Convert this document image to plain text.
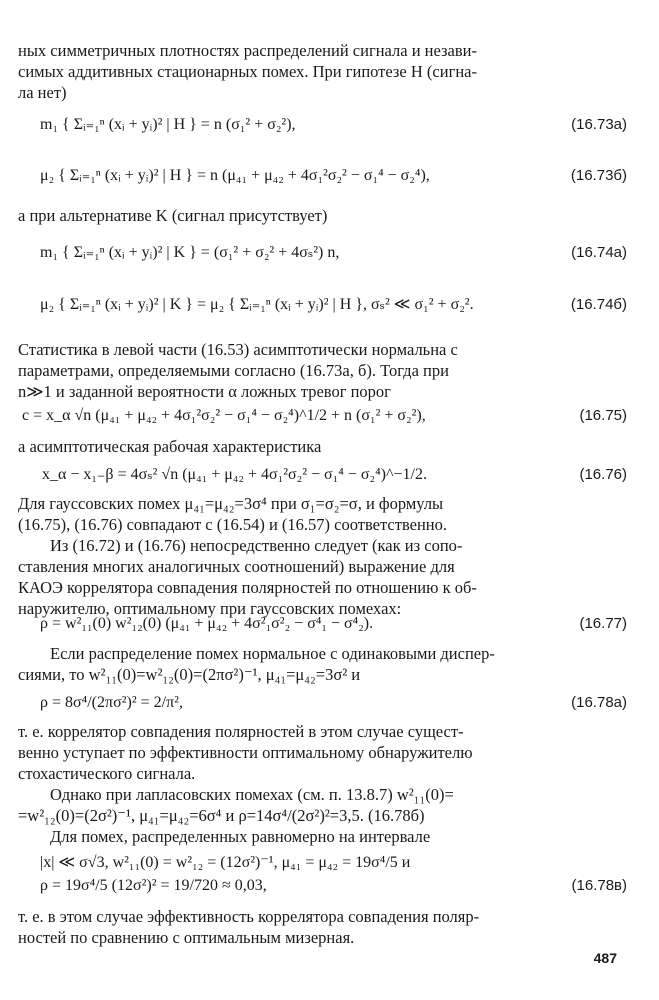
ных симметричных плотностях распределений сигнала и незави-
симых аддитивных стационарных помех. При гипотезе H (сигна-
ла нет)
m₁ { Σᵢ₌₁ⁿ (xᵢ + yᵢ)² | H } = n (σ₁² + σ₂²),	(16.73а)
μ₂ { Σᵢ₌₁ⁿ (xᵢ + yᵢ)² | H } = n (μ₄₁ + μ₄₂ + 4σ₁²σ₂² − σ₁⁴ − σ₂⁴),	(16.73б)
а при альтернативе K (сигнал присутствует)
m₁ { Σᵢ₌₁ⁿ (xᵢ + yᵢ)² | K } = (σ₁² + σ₂² + 4σₛ²) n,	(16.74а)
μ₂ { Σᵢ₌₁ⁿ (xᵢ + yᵢ)² | K } = μ₂ { Σᵢ₌₁ⁿ (xᵢ + yᵢ)² | H }, σₛ² ≪ σ₁² + σ₂².	(16.74б)
Статистика в левой части (16.53) асимптотически нормальна с
параметрами, определяемыми согласно (16.73а, б). Тогда при
n≫1 и заданной вероятности α ложных тревог порог
c = x_α √n (μ₄₁ + μ₄₂ + 4σ₁²σ₂² − σ₁⁴ − σ₂⁴)^1/2 + n (σ₁² + σ₂²),	(16.75)
а асимптотическая рабочая характеристика
x_α − x₁₋β = 4σₛ² √n (μ₄₁ + μ₄₂ + 4σ₁²σ₂² − σ₁⁴ − σ₂⁴)^−1/2.	(16.76)
Для гауссовских помех μ₄₁=μ₄₂=3σ⁴ при σ₁=σ₂=σ, и формулы
(16.75), (16.76) совпадают с (16.54) и (16.57) соответственно.
Из (16.72) и (16.76) непосредственно следует (как из сопо-
ставления многих аналогичных соотношений) выражение для
КАОЭ коррелятора совпадения полярностей по отношению к об-
наружителю, оптимальному при гауссовских помехах:
ρ = w²₁₁(0) w²₁₂(0) (μ₄₁ + μ₄₂ + 4σ²₁σ²₂ − σ⁴₁ − σ⁴₂).	(16.77)
Если распределение помех нормальное с одинаковыми диспер-
сиями, то w²₁₁(0)=w²₁₂(0)=(2πσ²)⁻¹, μ₄₁=μ₄₂=3σ² и
ρ = 8σ⁴/(2πσ²)² = 2/π²,	(16.78а)
т. е. коррелятор совпадения полярностей в этом случае сущест-
венно уступает по эффективности оптимальному обнаружителю
стохастического сигнала.
Однако при лапласовских помехах (см. п. 13.8.7) w²₁₁(0)=
=w²₁₂(0)=(2σ²)⁻¹, μ₄₁=μ₄₂=6σ⁴ и ρ=14σ⁴/(2σ²)²=3,5. (16.78б)
Для помех, распределенных равномерно на интервале
|x| ≪ σ√3, w²₁₁(0) = w²₁₂ = (12σ²)⁻¹, μ₄₁ = μ₄₂ = 19σ⁴/5 и
ρ = 19σ⁴/5 (12σ²)² = 19/720 ≈ 0,03,	(16.78в)
т. е. в этом случае эффективность коррелятора совпадения поляр-
ностей по сравнению с оптимальным мизерная.
487
